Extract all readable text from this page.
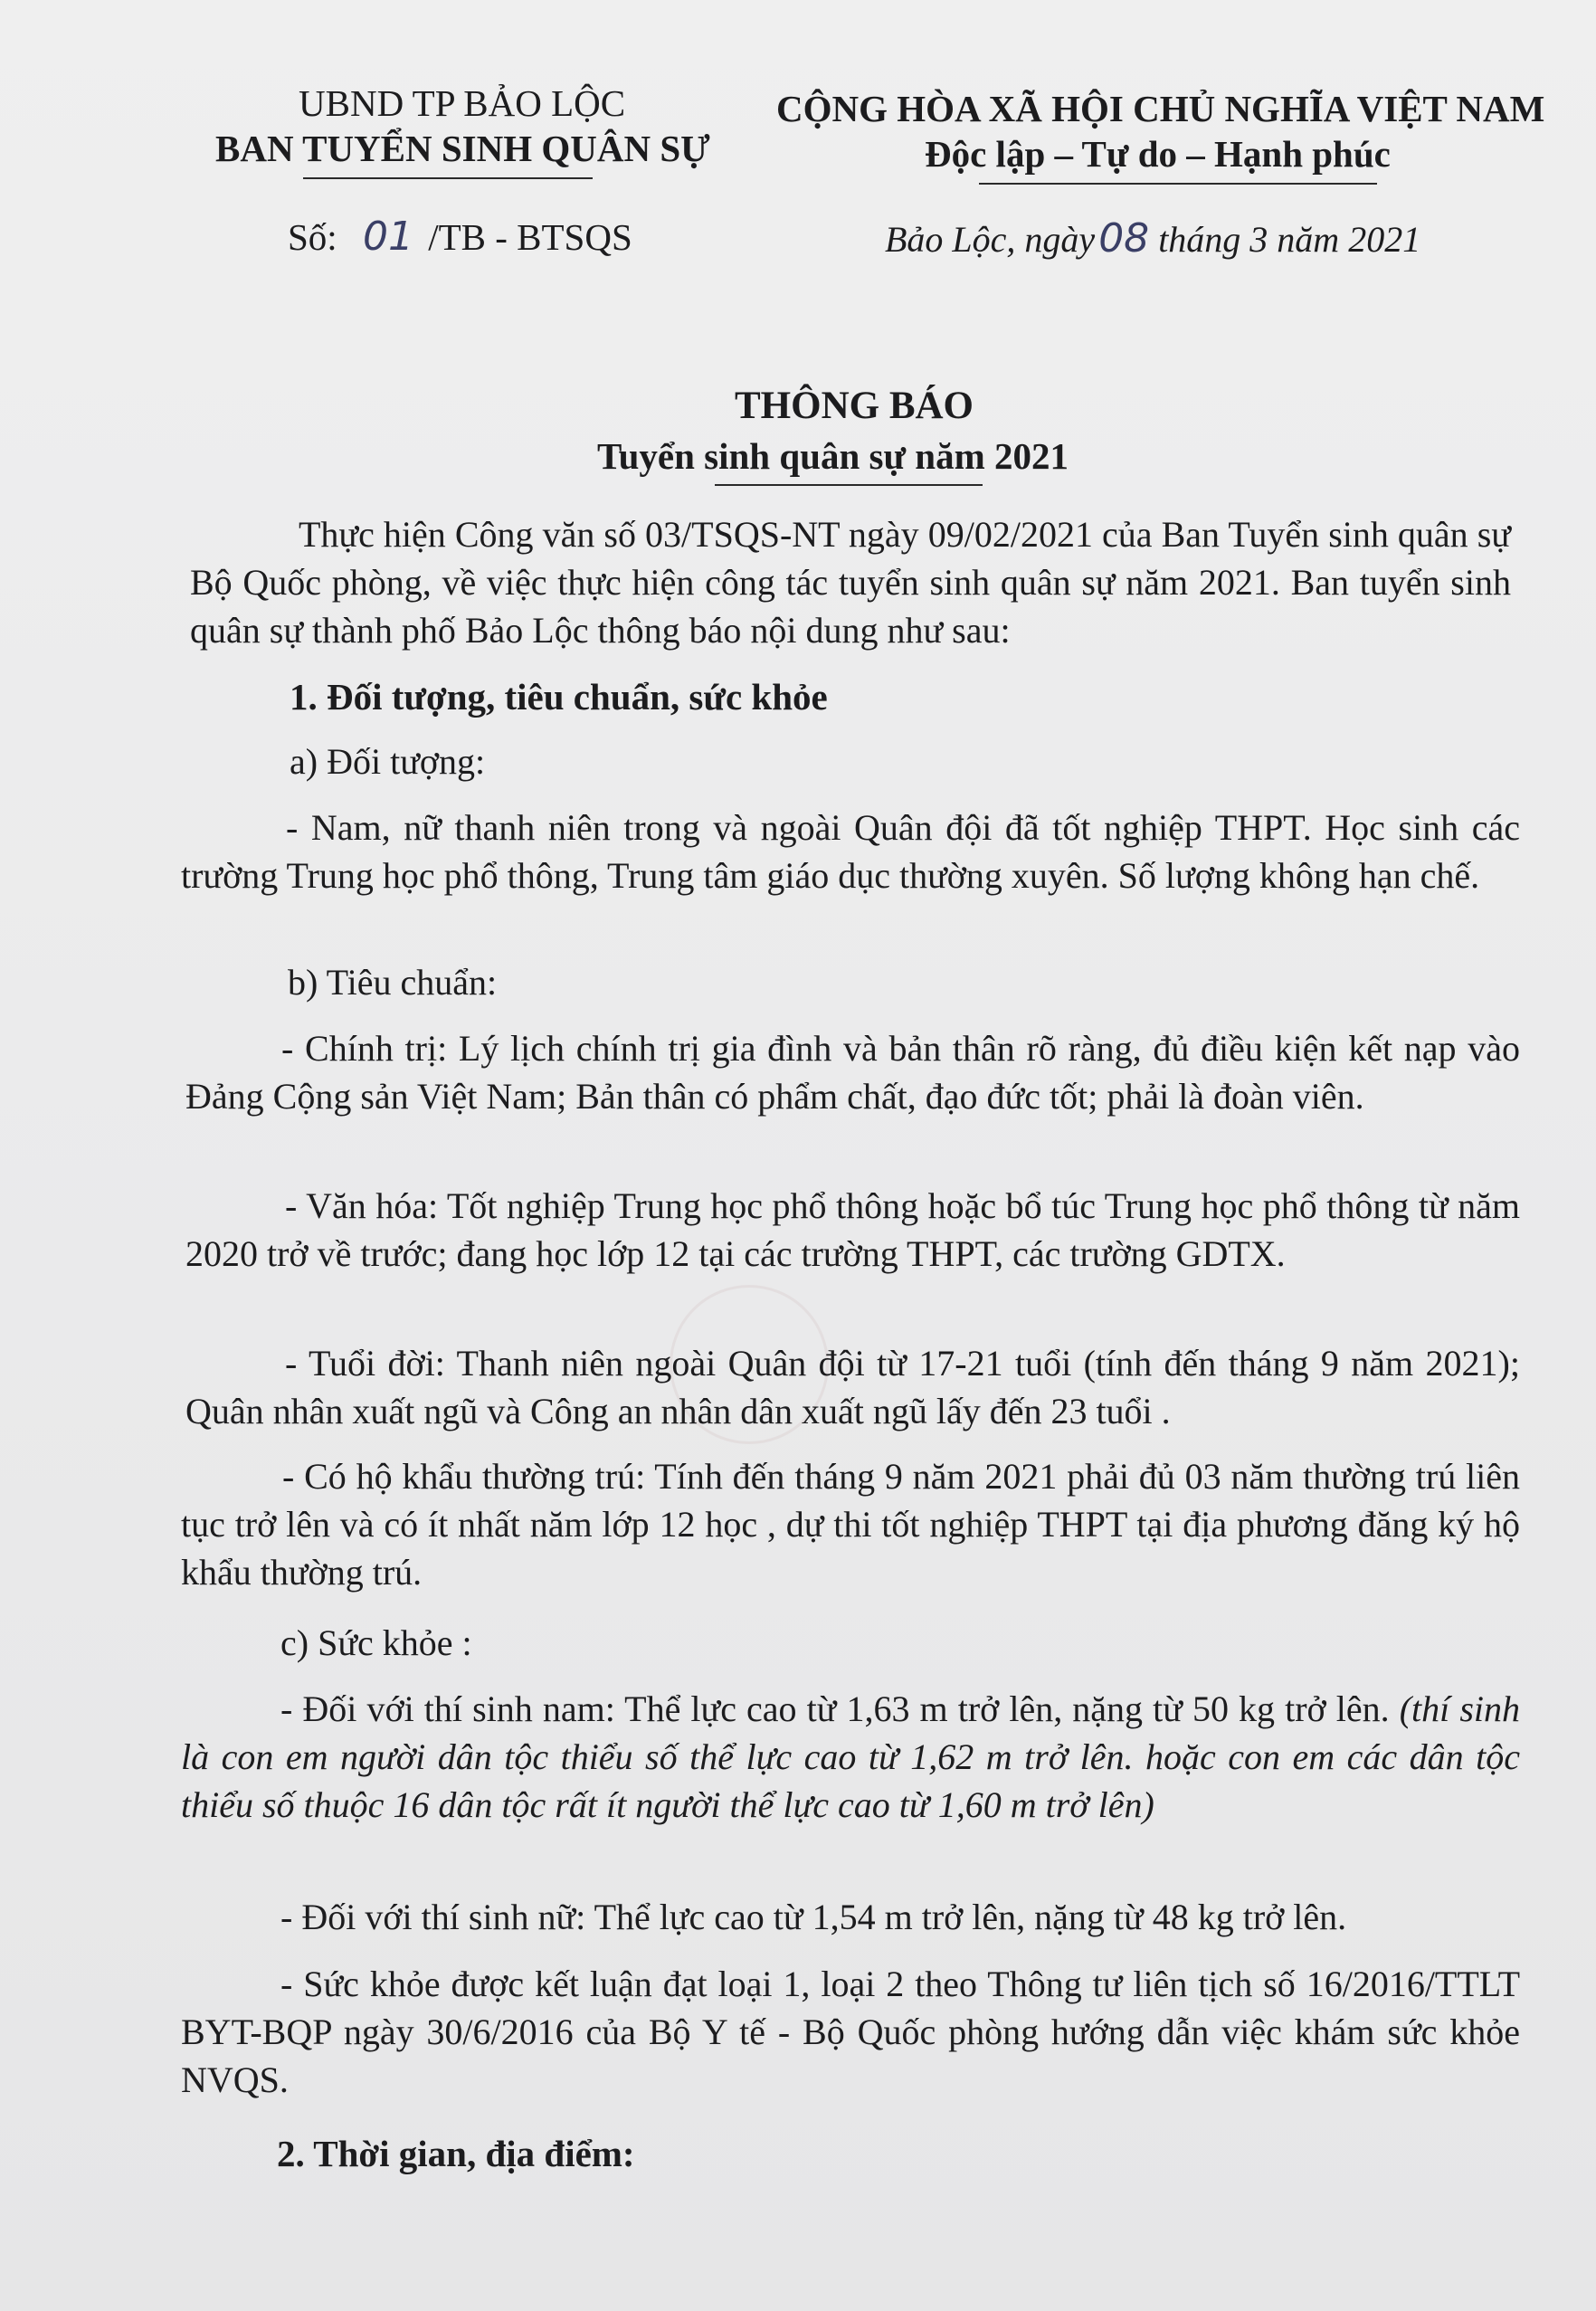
UBND TP BẢO LỘC
BAN TUYỂN SINH QUÂN SỰ
Số: 01 /TB - BTSQS
CỘNG HÒA XÃ HỘI CHỦ NGHĨA VIỆT NAM
Độc lập – Tự do – Hạnh phúc
Bảo Lộc, ngày08 tháng 3 năm 2021
THÔNG BÁO
Tuyển sinh quân sự năm 2021
Thực hiện Công văn số 03/TSQS-NT ngày 09/02/2021 của Ban Tuyển sinh quân sự Bộ Quốc phòng, về việc thực hiện công tác tuyển sinh quân sự năm 2021. Ban tuyển sinh quân sự thành phố Bảo Lộc thông báo nội dung như sau:
1. Đối tượng, tiêu chuẩn, sức khỏe
a) Đối tượng:
- Nam, nữ thanh niên trong và ngoài Quân đội đã tốt nghiệp THPT. Học sinh các trường Trung học phổ thông, Trung tâm giáo dục thường xuyên. Số lượng không hạn chế.
b) Tiêu chuẩn:
- Chính trị: Lý lịch chính trị gia đình và bản thân rõ ràng, đủ điều kiện kết nạp vào Đảng Cộng sản Việt Nam; Bản thân có phẩm chất, đạo đức tốt; phải là đoàn viên.
- Văn hóa: Tốt nghiệp Trung học phổ thông hoặc bổ túc Trung học phổ thông từ năm 2020 trở về trước; đang học lớp 12 tại các trường THPT, các trường GDTX.
- Tuổi đời: Thanh niên ngoài Quân đội từ 17-21 tuổi (tính đến tháng 9 năm 2021); Quân nhân xuất ngũ và Công an nhân dân xuất ngũ lấy đến 23 tuổi .
- Có hộ khẩu thường trú: Tính đến tháng 9 năm 2021 phải đủ 03 năm thường trú liên tục trở lên và có ít nhất năm lớp 12 học , dự thi tốt nghiệp THPT tại địa phương đăng ký hộ khẩu thường trú.
c) Sức khỏe :
- Đối với thí sinh nam: Thể lực cao từ 1,63 m trở lên, nặng từ 50 kg trở lên. (thí sinh là con em người dân tộc thiểu số thể lực cao từ 1,62 m trở lên. hoặc con em các dân tộc thiểu số thuộc 16 dân tộc rất ít người thể lực cao từ 1,60 m trở lên)
- Đối với thí sinh nữ: Thể lực cao từ 1,54 m trở lên, nặng từ 48 kg trở lên.
- Sức khỏe được kết luận đạt loại 1, loại 2 theo Thông tư liên tịch số 16/2016/TTLT BYT-BQP ngày 30/6/2016 của Bộ Y tế - Bộ Quốc phòng hướng dẫn việc khám sức khỏe NVQS.
2. Thời gian, địa điểm:
